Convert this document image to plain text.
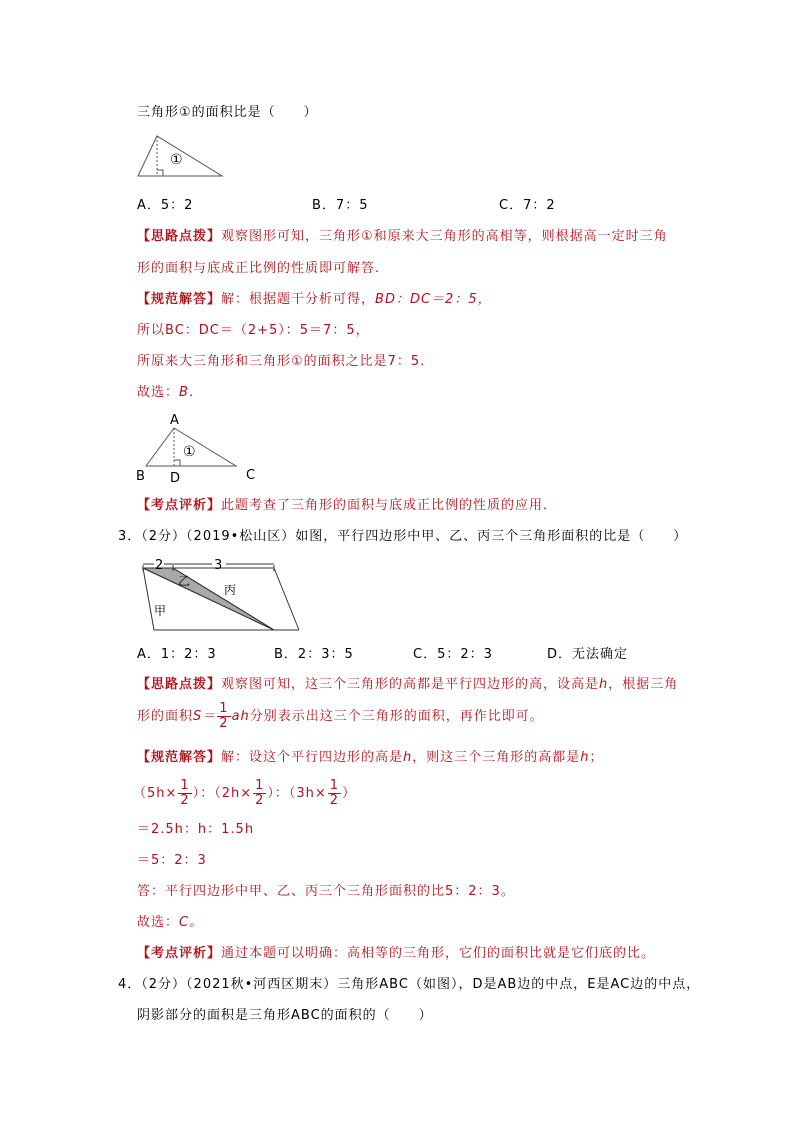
三角形①的面积比是（　　）
①
A．5：2	B．7：5	C．7：2
【思路点拨】观察图形可知，三角形①和原来大三角形的高相等，则根据高一定时三角
形的面积与底成正比例的性质即可解答．
【规范解答】解：根据题干分析可得，BD：DC＝2：5，
所以BC：DC＝（2+5）：5＝7：5，
所原来大三角形和三角形①的面积之比是7：5．
故选：B．
A
B D	C
①
【考点评析】此题考查了三角形的面积与底成正比例的性质的应用．
3．（2分）（2019•松山区）如图，平行四边形中甲、乙、丙三个三角形面积的比是（　　）
2	3
乙
丙
甲
A．1：2：3	B．2：3：5	C．5：2：3	D．无法确定
【思路点拨】观察图可知，这三个三角形的高都是平行四边形的高，设高是h，根据三角
形的面积$S= \frac{1}{2}$ ah分别表示出这三个三角形的面积，再作比即可。
【规范解答】解：设这个平行四边形的高是h，则这三个三角形的高都是h；
（$5h\times \frac{1}{2}$ ）：（$2h\times \frac{1}{2}$ ）：（$3h\times \frac{1}{2}$ ）
＝2.5h：h：1.5h
＝5：2：3
答：平行四边形中甲、乙、丙三个三角形面积的比5：2：3。
故选：C。
【考点评析】通过本题可以明确：高相等的三角形，它们的面积比就是它们底的比。
4．（2分）（2021秋•河西区期末）三角形ABC（如图），D是AB边的中点，E是AC边的中点，
阴影部分的面积是三角形ABC的面积的（　　）
